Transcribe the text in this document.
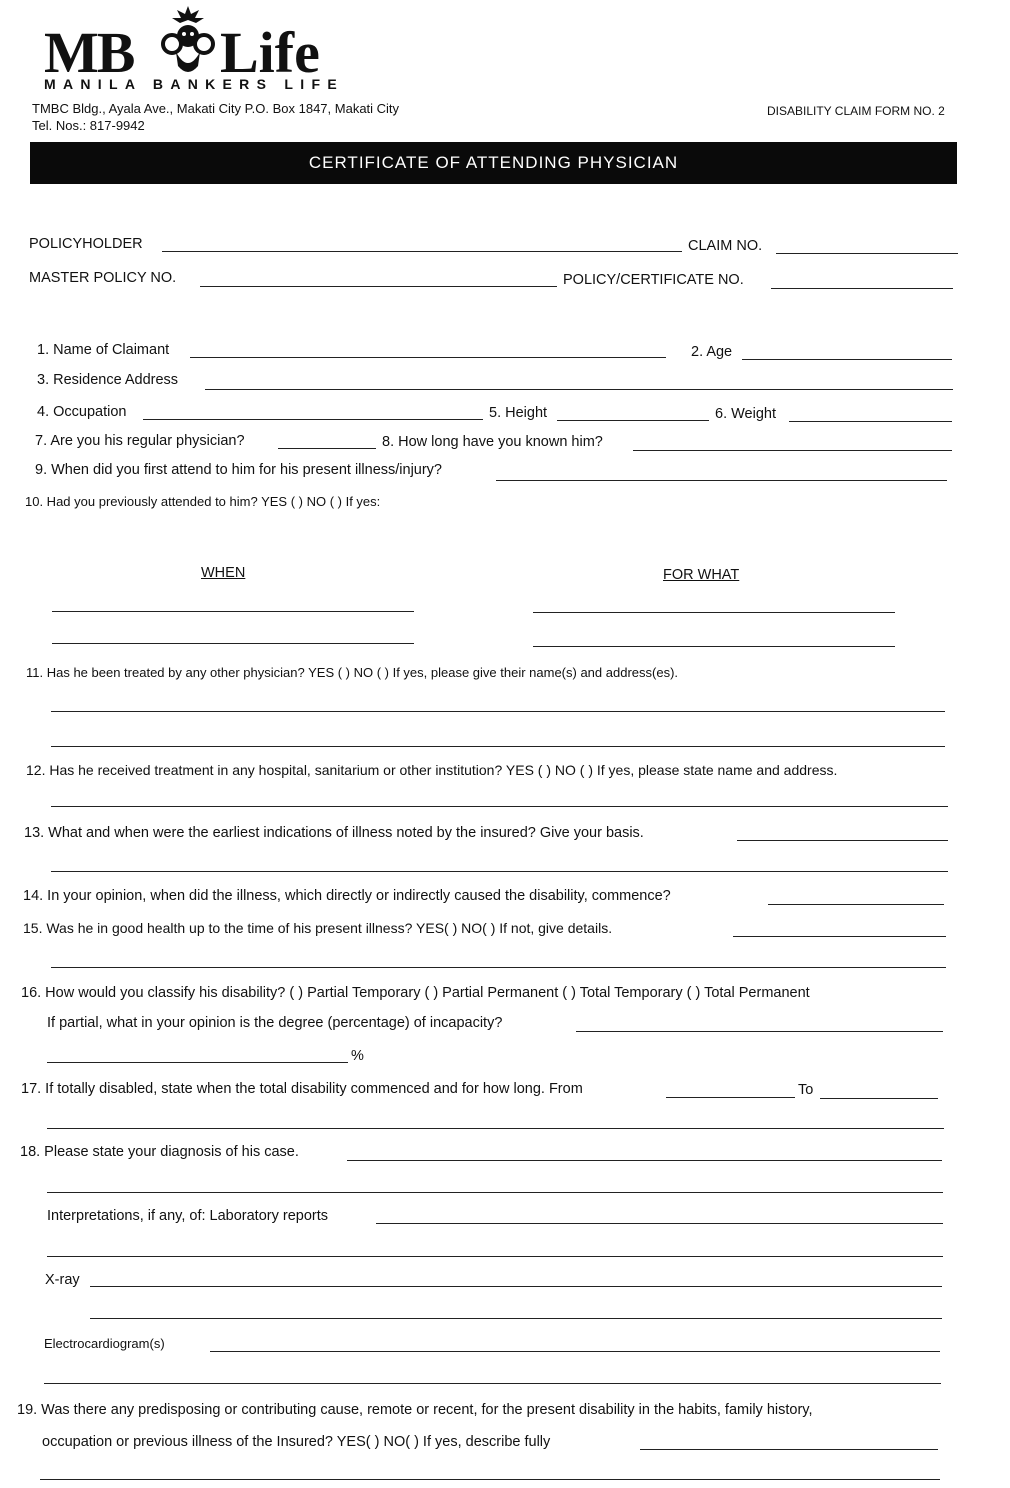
MB Life
MANILA BANKERS LIFE
TMBC Bldg., Ayala Ave., Makati City P.O. Box 1847, Makati City
Tel. Nos.: 817-9942
DISABILITY CLAIM FORM NO. 2
CERTIFICATE OF ATTENDING PHYSICIAN
POLICYHOLDER	CLAIM NO.
MASTER POLICY NO.	POLICY/CERTIFICATE NO.
1. Name of Claimant	2. Age
3. Residence Address
4. Occupation	5. Height	6. Weight
7. Are you his regular physician?	8. How long have you known him?
9. When did you first attend to him for his present illness/injury?
10. Had you previously attended to him? YES ( ) NO ( ) If yes:
WHEN	FOR WHAT
11. Has he been treated by any other physician? YES ( ) NO ( ) If yes, please give their name(s) and address(es).
12. Has he received treatment in any hospital, sanitarium or other institution? YES ( ) NO ( ) If yes, please state name and address.
13. What and when were the earliest indications of illness noted by the insured? Give your basis.
14. In your opinion, when did the illness, which directly or indirectly caused the disability, commence?
15. Was he in good health up to the time of his present illness? YES( ) NO( ) If not, give details.
16. How would you classify his disability? ( ) Partial Temporary ( ) Partial Permanent ( ) Total Temporary ( ) Total Permanent
If partial, what in your opinion is the degree (percentage) of incapacity?
%
17. If totally disabled, state when the total disability commenced and for how long. From	To
18. Please state your diagnosis of his case.
Interpretations, if any, of: Laboratory reports
X-ray
Electrocardiogram(s)
19. Was there any predisposing or contributing cause, remote or recent, for the present disability in the habits, family history,
occupation or previous illness of the Insured? YES( ) NO( ) If yes, describe fully
